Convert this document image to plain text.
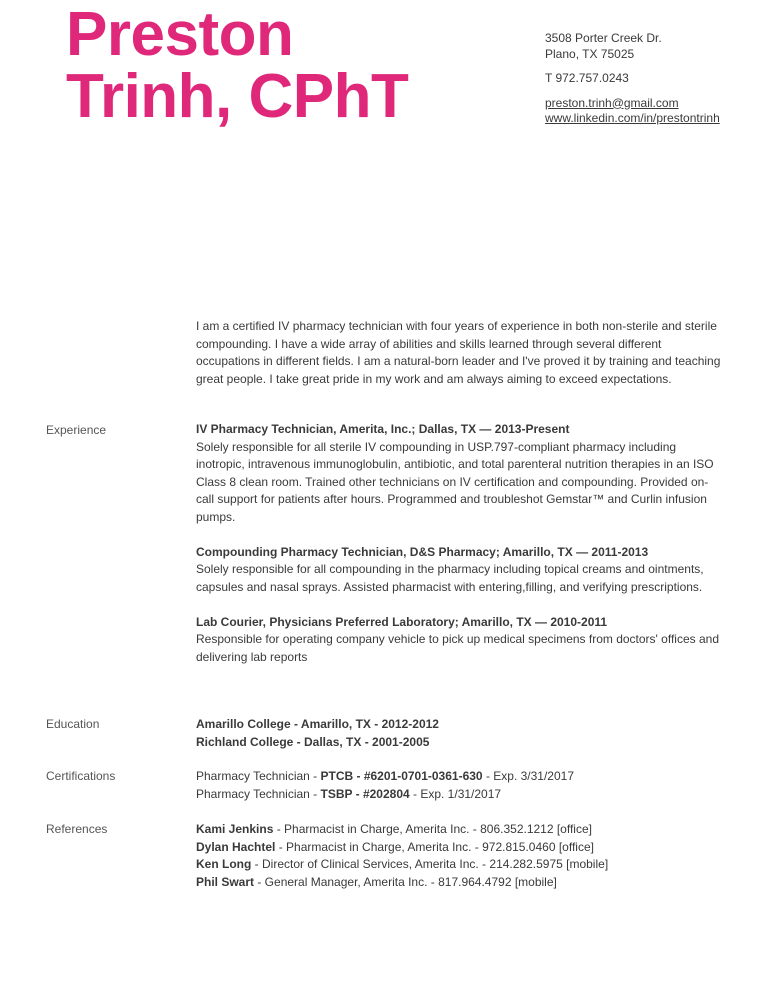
Preston
Trinh, CPhT
3508 Porter Creek Dr.
Plano, TX 75025
T 972.757.0243
preston.trinh@gmail.com
www.linkedin.com/in/prestontrinh
I am a certified IV pharmacy technician with four years of experience in both non-sterile and sterile compounding. I have a wide array of abilities and skills learned through several different occupations in different fields. I am a natural-born leader and I've proved it by training and teaching great people. I take great pride in my work and am always aiming to exceed expectations.
Experience	IV Pharmacy Technician, Amerita, Inc.; Dallas, TX — 2013-Present
Solely responsible for all sterile IV compounding in USP.797-compliant pharmacy including inotropic, intravenous immunoglobulin, antibiotic, and total parenteral nutrition therapies in an ISO Class 8 clean room. Trained other technicians on IV certification and compounding. Provided on-call support for patients after hours. Programmed and troubleshot Gemstar™ and Curlin infusion pumps.
Compounding Pharmacy Technician, D&S Pharmacy; Amarillo, TX — 2011-2013
Solely responsible for all compounding in the pharmacy including topical creams and ointments, capsules and nasal sprays. Assisted pharmacist with entering,filling, and verifying prescriptions.
Lab Courier, Physicians Preferred Laboratory; Amarillo, TX — 2010-2011
Responsible for operating company vehicle to pick up medical specimens from doctors' offices and delivering lab reports
Education	Amarillo College - Amarillo, TX - 2012-2012
Richland College - Dallas, TX - 2001-2005
Certifications	Pharmacy Technician - PTCB - #6201-0701-0361-630 - Exp. 3/31/2017
Pharmacy Technician - TSBP - #202804 - Exp. 1/31/2017
References	Kami Jenkins - Pharmacist in Charge, Amerita Inc. - 806.352.1212 [office]
Dylan Hachtel - Pharmacist in Charge, Amerita Inc. - 972.815.0460 [office]
Ken Long - Director of Clinical Services, Amerita Inc. - 214.282.5975 [mobile]
Phil Swart - General Manager, Amerita Inc. - 817.964.4792 [mobile]
